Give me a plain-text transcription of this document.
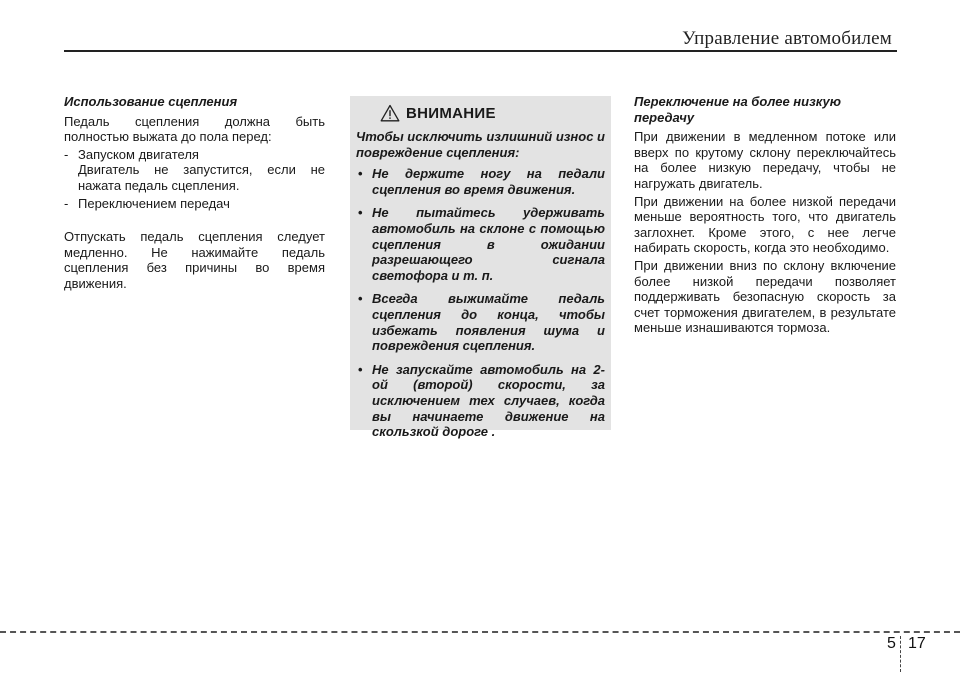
Управление автомобилем
Использование сцепления
Педаль сцепления должна быть полностью выжата до пола перед:
- Запуском двигателя
Двигатель не запустится, если не нажата педаль сцепления.
- Переключением передач
Отпускать педаль сцепления следует медленно. Не нажимайте педаль сцепления без причины во время движения.
ВНИМАНИЕ
Чтобы исключить излишний износ и повреждение сцепления:
• Не держите ногу на педали сцепления во время движения.
• Не пытайтесь удерживать автомобиль на склоне с помощью сцепления в ожидании разрешающего сигнала светофора и т. п.
• Всегда выжимайте педаль сцепления до конца, чтобы избежать появления шума и повреждения сцепления.
• Не запускайте автомобиль на 2-ой (второй) скорости, за исключением тех случаев, когда вы начинаете движение на скользкой дороге .
Переключение на более низкую передачу
При движении в медленном потоке или вверх по крутому склону переключайтесь на более низкую передачу, чтобы не нагружать двигатель.
При движении на более низкой передачи меньше вероятность того, что двигатель заглохнет. Кроме этого, с нее легче набирать скорость, когда это необходимо.
При движении вниз по склону включение более низкой передачи позволяет поддерживать безопасную скорость за счет торможения двигателем, в результате меньше изнашиваются тормоза.
5 17
